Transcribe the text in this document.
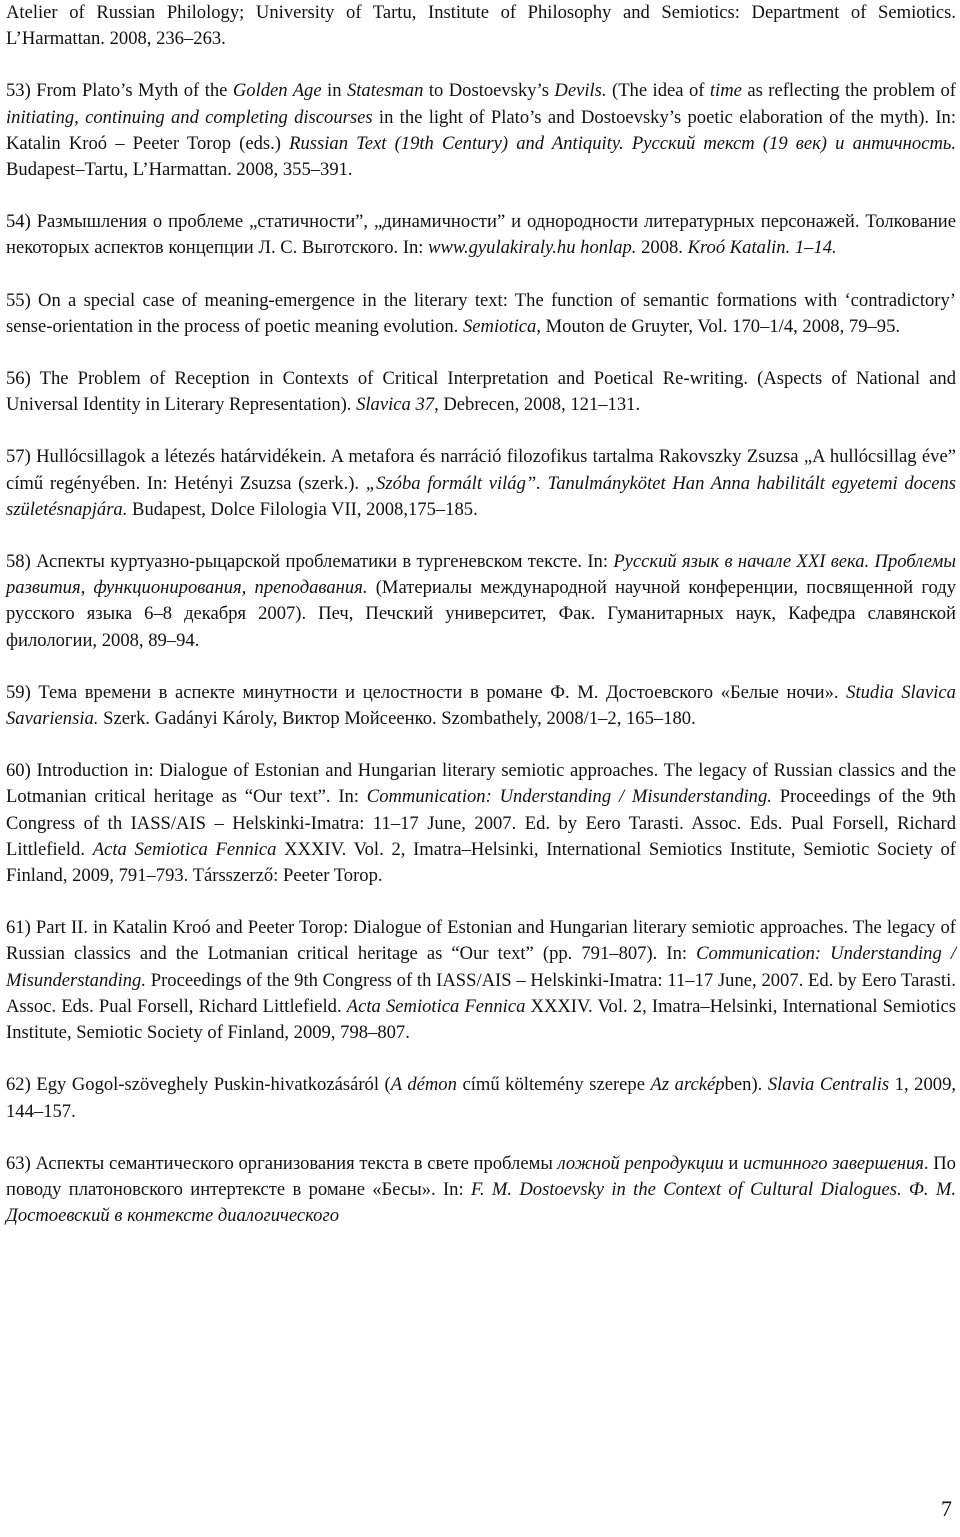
Atelier of Russian Philology; University of Tartu, Institute of Philosophy and Semiotics: Department of Semiotics. L’Harmattan. 2008, 236–263.

53) From Plato’s Myth of the Golden Age in Statesman to Dostoevsky’s Devils. (The idea of time as reflecting the problem of initiating, continuing and completing discourses in the light of Plato’s and Dostoevsky’s poetic elaboration of the myth). In: Katalin Kroó – Peeter Torop (eds.) Russian Text (19th Century) and Antiquity. Русский текст (19 век) и античность. Budapest–Tartu, L’Harmattan. 2008, 355–391.

54) Размышления о проблеме „статичности”, „динамичности” и однородности литературных персонажей. Толкование некоторых аспектов концепции Л. С. Выготского. In: www.gyulakiraly.hu honlap. 2008. Kroó Katalin. 1–14.

55) On a special case of meaning-emergence in the literary text: The function of semantic formations with ‘contradictory’ sense-orientation in the process of poetic meaning evolution. Semiotica, Mouton de Gruyter, Vol. 170–1/4, 2008, 79–95.

56) The Problem of Reception in Contexts of Critical Interpretation and Poetical Re-writing. (Aspects of National and Universal Identity in Literary Representation). Slavica 37, Debrecen, 2008, 121–131.

57) Hullócsillagok a létezés határvidékein. A metafora és narráció filozofikus tartalma Rakovszky Zsuzsa „A hullócsillag éve” című regényében. In: Hetényi Zsuzsa (szerk.). „Szóba formált világ”. Tanulmánykötet Han Anna habilitált egyetemi docens születésnapjára. Budapest, Dolce Filologia VII, 2008,175–185.

58) Аспекты куртуазно-рыцарской проблематики в тургеневском тексте. In: Русский язык в начале XXI века. Проблемы развития, функционирования, преподавания. (Материалы международной научной конференции, посвященной году русского языка 6–8 декабря 2007). Печ, Печский университет, Фак. Гуманитарных наук, Кафедра славянской филологии, 2008, 89–94.

59) Тема времени в аспекте минутности и целостности в романе Ф. М. Достоевского «Белые ночи». Studia Slavica Savariensia. Szerk. Gadányi Károly, Виктор Мойсеенко. Szombathely, 2008/1–2, 165–180.

60) Introduction in: Dialogue of Estonian and Hungarian literary semiotic approaches. The legacy of Russian classics and the Lotmanian critical heritage as “Our text”. In: Communication: Understanding / Misunderstanding. Proceedings of the 9th Congress of th IASS/AIS – Helskinki-Imatra: 11–17 June, 2007. Ed. by Eero Tarasti. Assoc. Eds. Pual Forsell, Richard Littlefield. Acta Semiotica Fennica XXXIV. Vol. 2, Imatra–Helsinki, International Semiotics Institute, Semiotic Society of Finland, 2009, 791–793. Társszerző: Peeter Torop.

61) Part II. in Katalin Kroó and Peeter Torop: Dialogue of Estonian and Hungarian literary semiotic approaches. The legacy of Russian classics and the Lotmanian critical heritage as “Our text” (pp. 791–807). In: Communication: Understanding / Misunderstanding. Proceedings of the 9th Congress of th IASS/AIS – Helskinki-Imatra: 11–17 June, 2007. Ed. by Eero Tarasti. Assoc. Eds. Pual Forsell, Richard Littlefield. Acta Semiotica Fennica XXXIV. Vol. 2, Imatra–Helsinki, International Semiotics Institute, Semiotic Society of Finland, 2009, 798–807.

62) Egy Gogol-szöveghely Puskin-hivatkozásáról (A démon című költemény szerepe Az arcképben). Slavia Centralis 1, 2009, 144–157.

63) Аспекты семантического организования текста в свете проблемы ложной репродукции и истинного завершения. По поводу платоновского интертексте в романе «Бесы». In: F. M. Dostoevsky in the Context of Cultural Dialogues. Ф. М. Достоевский в контексте диалогического

7
